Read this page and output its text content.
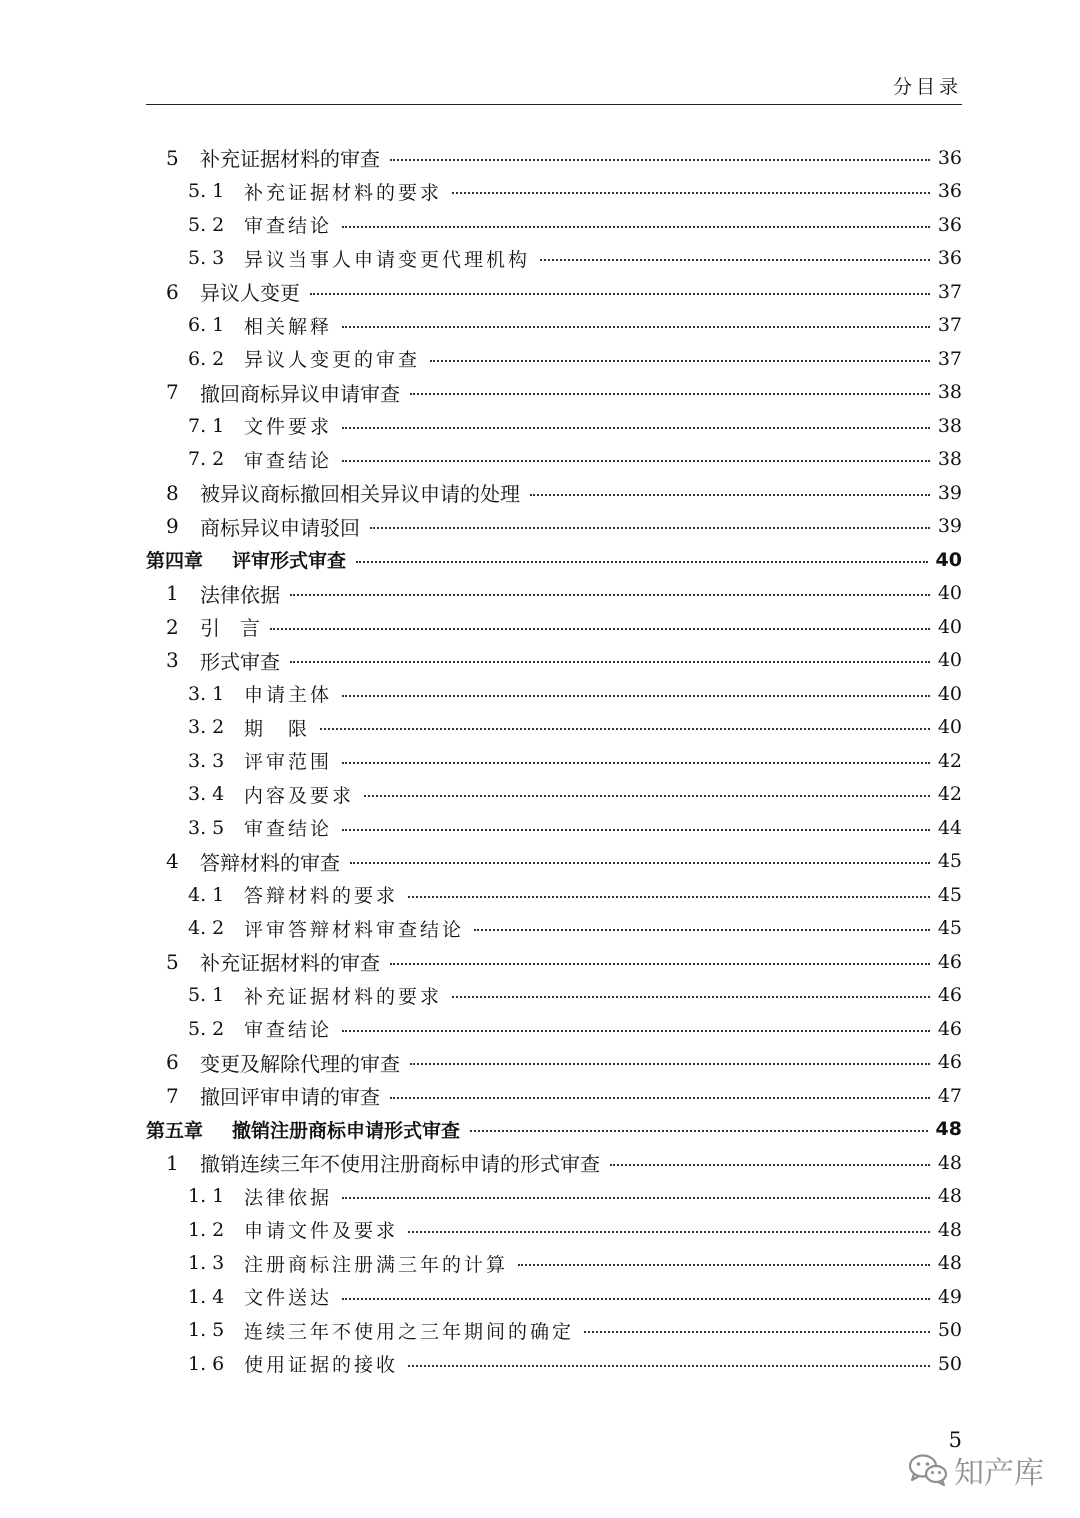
分目录
5	补充证据材料的审查	36
5. 1	补充证据材料的要求	36
5. 2	审查结论	36
5. 3	异议当事人申请变更代理机构	36
6	异议人变更	37
6. 1	相关解释	37
6. 2	异议人变更的审查	37
7	撤回商标异议申请审查	38
7. 1	文件要求	38
7. 2	审查结论	38
8	被异议商标撤回相关异议申请的处理	39
9	商标异议申请驳回	39
第四章	评审形式审查	40
1	法律依据	40
2	引　言	40
3	形式审查	40
3. 1	申请主体	40
3. 2	期　限	40
3. 3	评审范围	42
3. 4	内容及要求	42
3. 5	审查结论	44
4	答辩材料的审查	45
4. 1	答辩材料的要求	45
4. 2	评审答辩材料审查结论	45
5	补充证据材料的审查	46
5. 1	补充证据材料的要求	46
5. 2	审查结论	46
6	变更及解除代理的审查	46
7	撤回评审申请的审查	47
第五章	撤销注册商标申请形式审查	48
1	撤销连续三年不使用注册商标申请的形式审查	48
1. 1	法律依据	48
1. 2	申请文件及要求	48
1. 3	注册商标注册满三年的计算	48
1. 4	文件送达	49
1. 5	连续三年不使用之三年期间的确定	50
1. 6	使用证据的接收	50
5
知产库
